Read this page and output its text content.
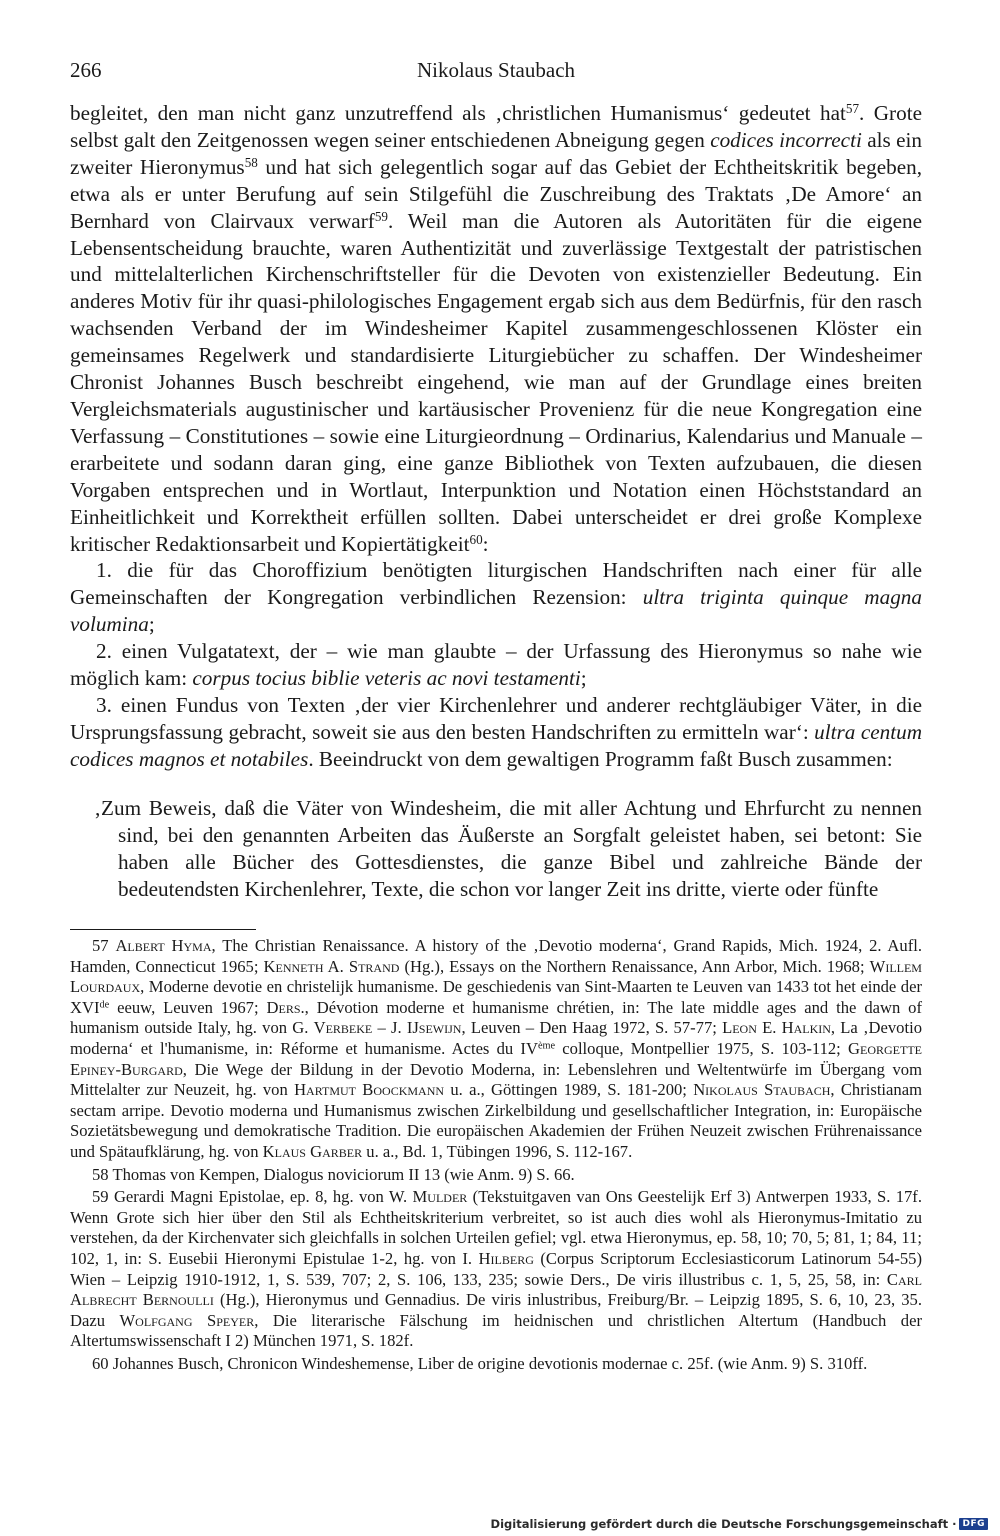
266	Nikolaus Staubach

begleitet, den man nicht ganz unzutreffend als ‚christlichen Humanismus‘ gedeutet hat$^{57}$. Grote selbst galt den Zeitgenossen wegen seiner entschiedenen Abneigung gegen codices incorrecti als ein zweiter Hieronymus$^{58}$ und hat sich gelegentlich sogar auf das Gebiet der Echtheitskritik begeben, etwa als er unter Berufung auf sein Stilgefühl die Zuschreibung des Traktats ‚De Amore‘ an Bernhard von Clairvaux verwarf$^{59}$. Weil man die Autoren als Autoritäten für die eigene Lebensentscheidung brauchte, waren Authentizität und zuverlässige Textgestalt der patristischen und mittelalterlichen Kirchenschriftsteller für die Devoten von existenzieller Bedeutung. Ein anderes Motiv für ihr quasi-philologisches Engagement ergab sich aus dem Bedürfnis, für den rasch wachsenden Verband der im Windesheimer Kapitel zusammengeschlossenen Klöster ein gemeinsames Regelwerk und standardisierte Liturgiebücher zu schaffen. Der Windesheimer Chronist Johannes Busch beschreibt eingehend, wie man auf der Grundlage eines breiten Vergleichsmaterials augustinischer und kartäusischer Provenienz für die neue Kongregation eine Verfassung – Constitutiones – sowie eine Liturgieordnung – Ordinarius, Kalendarius und Manuale – erarbeitete und sodann daran ging, eine ganze Bibliothek von Texten aufzubauen, die diesen Vorgaben entsprechen und in Wortlaut, Interpunktion und Notation einen Höchststandard an Einheitlichkeit und Korrektheit erfüllen sollten. Dabei unterscheidet er drei große Komplexe kritischer Redaktionsarbeit und Kopiertätigkeit$^{60}$:

1. die für das Choroffizium benötigten liturgischen Handschriften nach einer für alle Gemeinschaften der Kongregation verbindlichen Rezension: ultra triginta quinque magna volumina;

2. einen Vulgatatext, der – wie man glaubte – der Urfassung des Hieronymus so nahe wie möglich kam: corpus tocius biblie veteris ac novi testamenti;

3. einen Fundus von Texten ‚der vier Kirchenlehrer und anderer rechtgläubiger Väter, in die Ursprungsfassung gebracht, soweit sie aus den besten Handschriften zu ermitteln war‘: ultra centum codices magnos et notabiles. Beeindruckt von dem gewaltigen Programm faßt Busch zusammen:

‚Zum Beweis, daß die Väter von Windesheim, die mit aller Achtung und Ehrfurcht zu nennen sind, bei den genannten Arbeiten das Äußerste an Sorgfalt geleistet haben, sei betont: Sie haben alle Bücher des Gottesdienstes, die ganze Bibel und zahlreiche Bände der bedeutendsten Kirchenlehrer, Texte, die schon vor langer Zeit ins dritte, vierte oder fünfte

57 Albert Hyma, The Christian Renaissance. A history of the ‚Devotio moderna‘, Grand Rapids, Mich. 1924, 2. Aufl. Hamden, Connecticut 1965; Kenneth A. Strand (Hg.), Essays on the Northern Renaissance, Ann Arbor, Mich. 1968; Willem Lourdaux, Moderne devotie en christelijk humanisme. De geschiedenis van Sint-Maarten te Leuven van 1433 tot het einde der XVIde eeuw, Leuven 1967; Ders., Dévotion moderne et humanisme chrétien, in: The late middle ages and the dawn of humanism outside Italy, hg. von G. Verbeke – J. IJsewijn, Leuven – Den Haag 1972, S. 57-77; Leon E. Halkin, La ‚Devotio moderna‘ et l'humanisme, in: Réforme et humanisme. Actes du IVème colloque, Montpellier 1975, S. 103-112; Georgette Epiney-Burgard, Die Wege der Bildung in der Devotio Moderna, in: Lebenslehren und Weltentwürfe im Übergang vom Mittelalter zur Neuzeit, hg. von Hartmut Boockmann u. a., Göttingen 1989, S. 181-200; Nikolaus Staubach, Christianam sectam arripe. Devotio moderna und Humanismus zwischen Zirkelbildung und gesellschaftlicher Integration, in: Europäische Sozietätsbewegung und demokratische Tradition. Die europäischen Akademien der Frühen Neuzeit zwischen Frührenaissance und Spätaufklärung, hg. von Klaus Garber u. a., Bd. 1, Tübingen 1996, S. 112-167.

58 Thomas von Kempen, Dialogus noviciorum II 13 (wie Anm. 9) S. 66.

59 Gerardi Magni Epistolae, ep. 8, hg. von W. Mulder (Tekstuitgaven van Ons Geestelijk Erf 3) Antwerpen 1933, S. 17f. Wenn Grote sich hier über den Stil als Echtheitskriterium verbreitet, so ist auch dies wohl als Hieronymus-Imitatio zu verstehen, da der Kirchenvater sich gleichfalls in solchen Urteilen gefiel; vgl. etwa Hieronymus, ep. 58, 10; 70, 5; 81, 1; 84, 11; 102, 1, in: S. Eusebii Hieronymi Epistulae 1-2, hg. von I. Hilberg (Corpus Scriptorum Ecclesiasticorum Latinorum 54-55) Wien – Leipzig 1910-1912, 1, S. 539, 707; 2, S. 106, 133, 235; sowie Ders., De viris illustribus c. 1, 5, 25, 58, in: Carl Albrecht Bernoulli (Hg.), Hieronymus und Gennadius. De viris inlustribus, Freiburg/Br. – Leipzig 1895, S. 6, 10, 23, 35. Dazu Wolfgang Speyer, Die literarische Fälschung im heidnischen und christlichen Altertum (Handbuch der Altertumswissenschaft I 2) München 1971, S. 182f.

60 Johannes Busch, Chronicon Windeshemense, Liber de origine devotionis modernae c. 25f. (wie Anm. 9) S. 310ff.

Digitalisierung gefördert durch die Deutsche Forschungsgemeinschaft · DFG
